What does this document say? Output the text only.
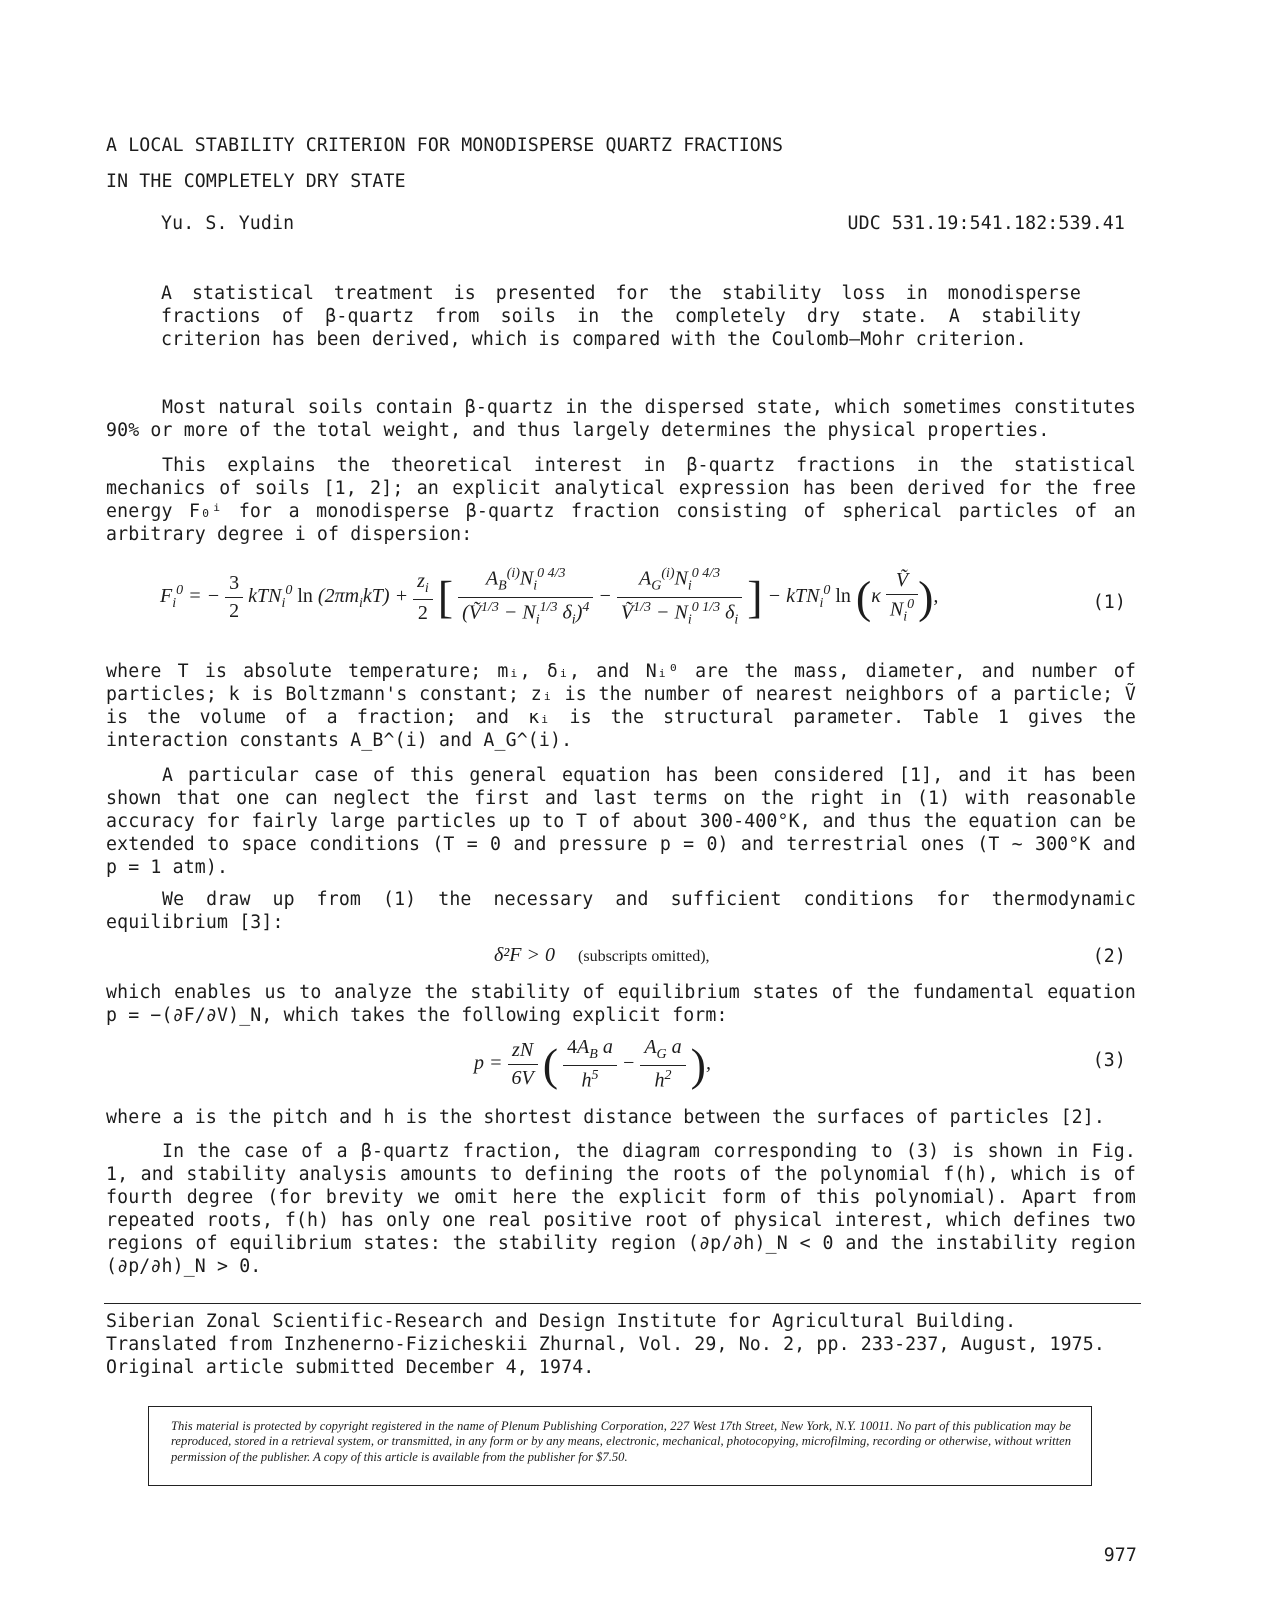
A LOCAL STABILITY CRITERION FOR MONODISPERSE QUARTZ FRACTIONS
IN THE COMPLETELY DRY STATE
Yu. S. Yudin	UDC 531.19:541.182:539.41
A statistical treatment is presented for the stability loss in monodisperse fractions of β-quartz from soils in the completely dry state. A stability criterion has been derived, which is compared with the Coulomb–Mohr criterion.
Most natural soils contain β-quartz in the dispersed state, which sometimes constitutes 90% or more of the total weight, and thus largely determines the physical properties.
This explains the theoretical interest in β-quartz fractions in the statistical mechanics of soils [1, 2]; an explicit analytical expression has been derived for the free energy F₀ⁱ for a monodisperse β-quartz fraction consisting of spherical particles of an arbitrary degree i of dispersion:
$F_i^0$ = − $\frac{3}{2} kTN_i^0$ $\ln (2\pi m_ikT) + \frac{z_i}{2}$ [ $\frac{A_B^{(i)}N_i^{0 4/3}}{(Ṽ^{1/3} - N_i^{1/3} \delta_i)^4} - \frac{A_G^{(i)}N_i^{0 4/3}}{Ṽ^{1/3} - N_i^{0 1/3} \delta_i}$ ] − kTN$_i^0$ $\ln (\kappa \frac{\text{Ṽ}}{N_i^0}$ ),	(1)
where T is absolute temperature; mᵢ, δᵢ, and Nᵢ⁰ are the mass, diameter, and number of particles; k is Boltzmann's constant; zᵢ is the number of nearest neighbors of a particle; Ṽ is the volume of a fraction; and κᵢ is the structural parameter. Table 1 gives the interaction constants A_B^(i) and A_G^(i).
A particular case of this general equation has been considered [1], and it has been shown that one can neglect the first and last terms on the right in (1) with reasonable accuracy for fairly large particles up to T of about 300-400°K, and thus the equation can be extended to space conditions (T = 0 and pressure p = 0) and terrestrial ones (T ~ 300°K and p = 1 atm).
We draw up from (1) the necessary and sufficient conditions for thermodynamic equilibrium [3]:
δ²F > 0 (subscripts omitted),	(2)
which enables us to analyze the stability of equilibrium states of the fundamental equation p = −(∂F/∂V)_N, which takes the following explicit form:
$p = \frac{zN}{6V}$ ( $\frac{4A_B a}{h^5} - \frac{A_G a}{h^2}$ ),	(3)
where a is the pitch and h is the shortest distance between the surfaces of particles [2].
In the case of a β-quartz fraction, the diagram corresponding to (3) is shown in Fig. 1, and stability analysis amounts to defining the roots of the polynomial f(h), which is of fourth degree (for brevity we omit here the explicit form of this polynomial). Apart from repeated roots, f(h) has only one real positive root of physical interest, which defines two regions of equilibrium states: the stability region (∂p/∂h)_N < 0 and the instability region (∂p/∂h)_N > 0.
Siberian Zonal Scientific-Research and Design Institute for Agricultural Building. Translated from Inzhenerno-Fizicheskii Zhurnal, Vol. 29, No. 2, pp. 233-237, August, 1975. Original article submitted December 4, 1974.

This material is protected by copyright registered in the name of Plenum Publishing Corporation, 227 West 17th Street, New York, N.Y. 10011. No part of this publication may be reproduced, stored in a retrieval system, or transmitted, in any form or by any means, electronic, mechanical, photocopying, microfilming, recording or otherwise, without written permission of the publisher. A copy of this article is available from the publisher for $7.50.

977
